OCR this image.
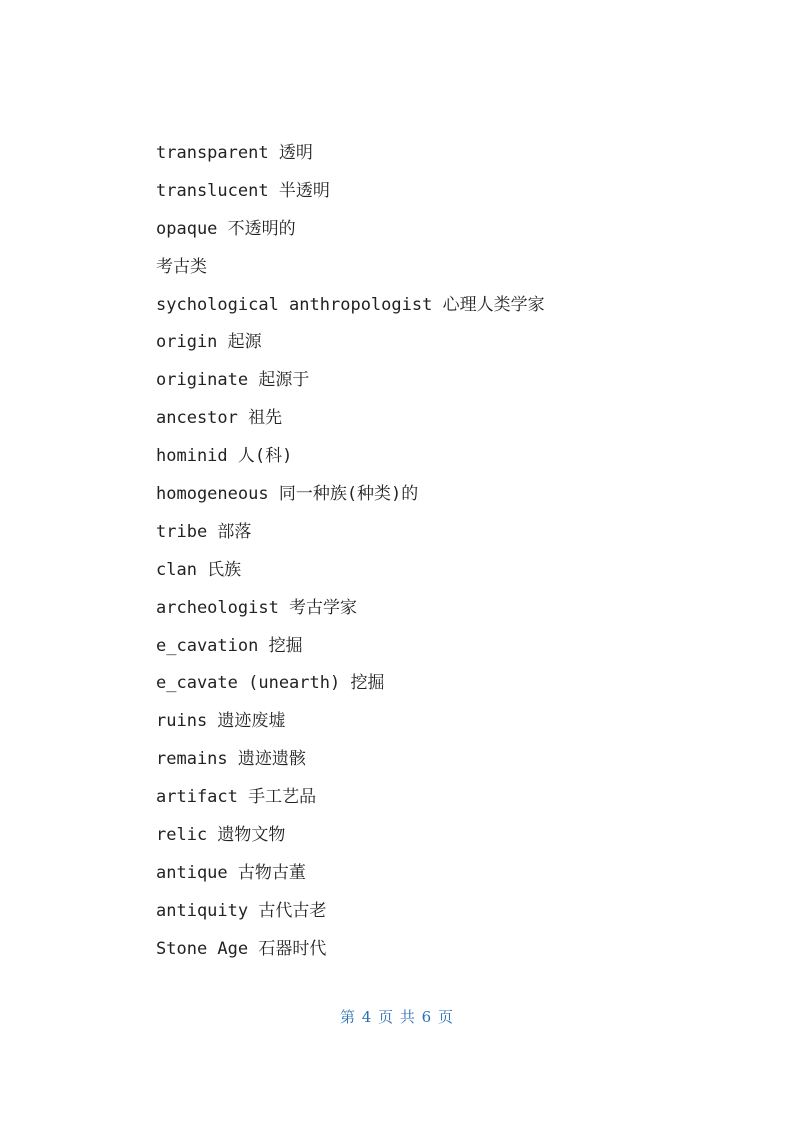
transparent 透明
translucent 半透明
opaque 不透明的
考古类
sychological anthropologist 心理人类学家
origin 起源
originate 起源于
ancestor 祖先
hominid 人(科)
homogeneous 同一种族(种类)的
tribe 部落
clan 氏族
archeologist 考古学家
e_cavation 挖掘
e_cavate (unearth) 挖掘
ruins 遗迹废墟
remains 遗迹遗骸
artifact 手工艺品
relic 遗物文物
antique 古物古董
antiquity 古代古老
Stone Age 石器时代
第 4 页 共 6 页
